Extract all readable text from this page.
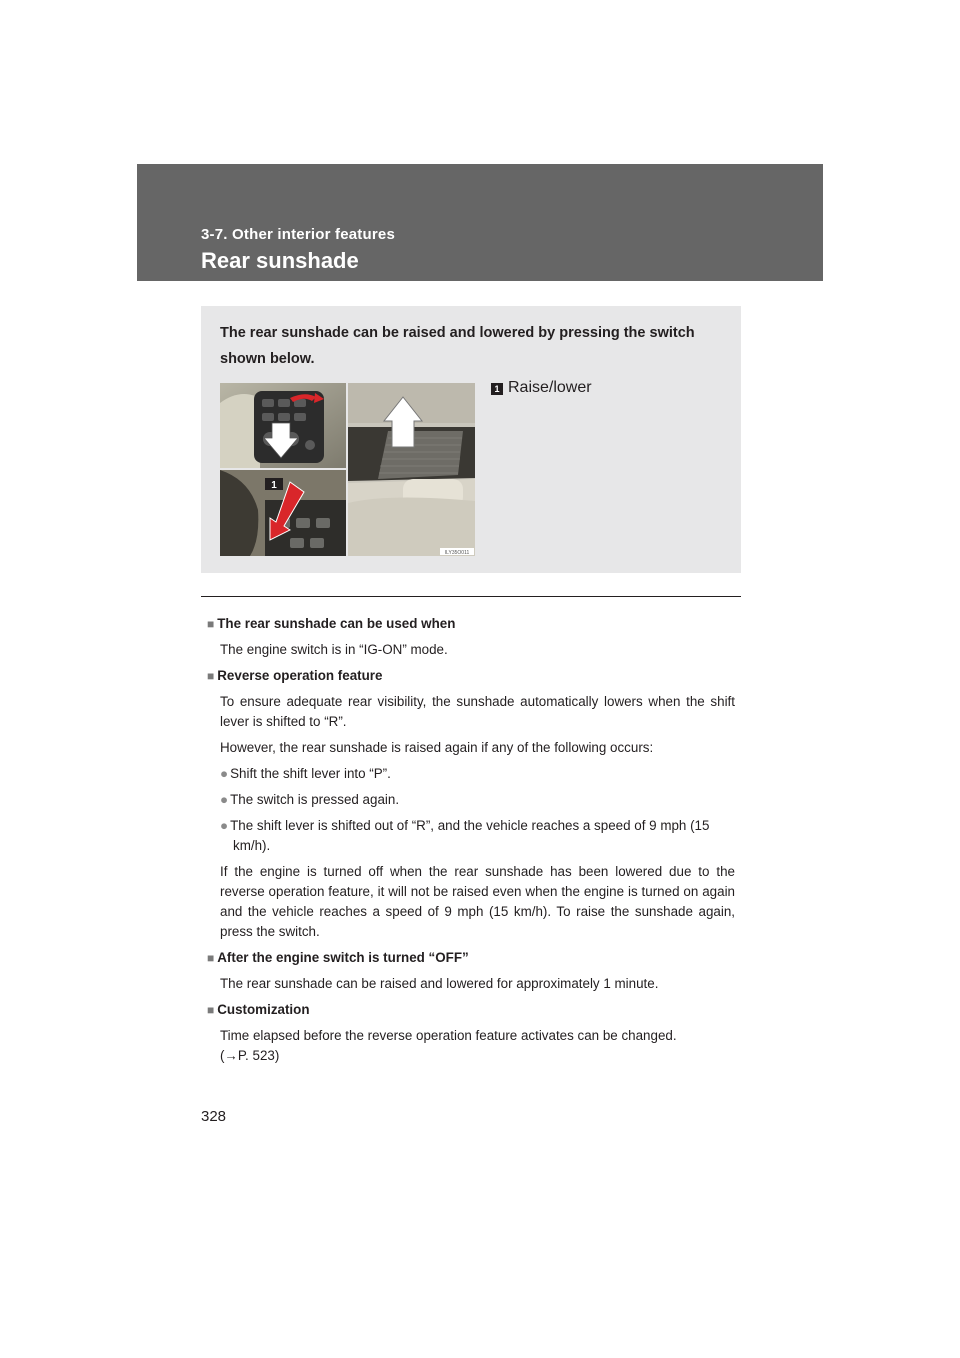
3-7. Other interior features
Rear sunshade
The rear sunshade can be raised and lowered by pressing the switch shown below.
1
ILY35O011
1 Raise/lower
■ The rear sunshade can be used when
The engine switch is in “IG-ON” mode.
■ Reverse operation feature
To ensure adequate rear visibility, the sunshade automatically lowers when the shift lever is shifted to “R”.
However, the rear sunshade is raised again if any of the following occurs:
● Shift the shift lever into “P”.
● The switch is pressed again.
● The shift lever is shifted out of “R”, and the vehicle reaches a speed of 9 mph (15 km/h).
If the engine is turned off when the rear sunshade has been lowered due to the reverse operation feature, it will not be raised even when the engine is turned on again and the vehicle reaches a speed of 9 mph (15 km/h). To raise the sunshade again, press the switch.
■ After the engine switch is turned “OFF”
The rear sunshade can be raised and lowered for approximately 1 minute.
■ Customization
Time elapsed before the reverse operation feature activates can be changed.
(→P. 523)
328
